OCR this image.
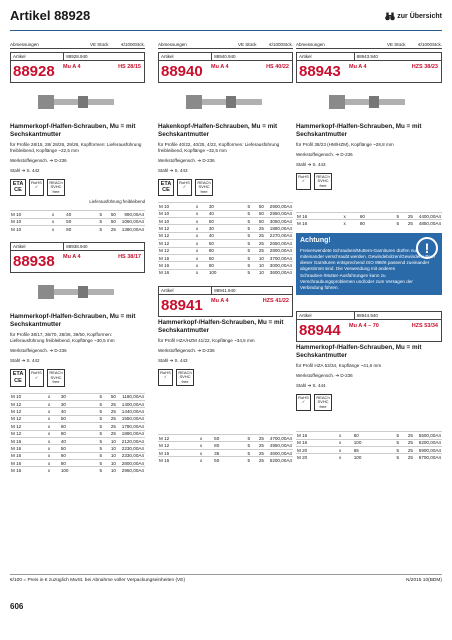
Artikel 88928	zur Übersicht
Abmessungen	VE Stück	€/1000Stck.
Artikel	88928.940
88928	Mu A 4	HS 28/15
Hammerkopf-/Halfen-Schrauben, Mu = mit Sechskantmutter
für Profile 28/15, 28/ 28/26, 29/26, Kopfformen: Lieferausführung freibleibend, Kopflänge ~22,5 mm
Werkstoffeigensch. ➔ D-236
Stahl ➔ S. 442
ETA CE
RoHS ✓
REACh SVHC free
Lieferausführung freibleibend
M 10	x	40	5	50	990,00A4
M 10	x	50	5	50	1060,00A4
M 10	x	80	5	25	1380,00A4
Artikel	88938.940
88938	Mu A 4	HS 38/17
Hammerkopf-/Halfen-Schrauben, Mu = mit Sechskantmutter
für Profile 38/17, 36/70, 38/36, 39/50, Kopfformen: Lieferausführung freibleibend, Kopflänge ~30,5 mm
Werkstoffeigensch. ➔ D-236
Stahl ➔ S. 442
ETA CE
RoHS ✓
REACh SVHC free
M 10	x	30	5	50	1180,00A4
M 12	x	30	5	25	1400,00A4
M 12	x	40	5	25	1440,00A4
M 12	x	50	5	25	1550,00A4
M 12	x	60	5	25	1780,00A4
M 12	x	80	5	25	1880,00A4
M 16	x	40	5	10	2120,00A4
M 16	x	50	5	10	2230,00A4
M 16	x	60	5	10	2330,00A4
M 16	x	80	5	10	2800,00A4
M 16	x	100	5	10	2950,00A4
Abmessungen	VE Stück	€/1000Stck.
Artikel	88940.940
88940	Mu A 4	HS 40/22
Hakenkopf-/Halfen-Schrauben, Mu = mit Sechskantmutter
für Profile 40/22, 40/25, 4/22, Kopfformen: Lieferausführung freibleibend, Kopflänge ~32,5 mm
Werkstoffeigensch. ➔ D-236
Stahl ➔ S. 443
ETA CE
RoHS ✓
REACh SVHC free
M 10	x	30	5	50	2900,00A4
M 10	x	40	5	50	2950,00A4
M 10	x	50	5	50	3050,00A4
M 12	x	30	5	25	1880,00A4
M 12	x	40	5	25	2270,00A4
M 12	x	50	5	25	2650,00A4
M 12	x	80	5	25	2800,00A4
M 16	x	50	5	10	3700,00A4
M 16	x	80	5	10	3000,00A4
M 16	x	100	5	10	3600,00A4
Artikel	88941.940
88941	Mu A 4	HZS 41/22
Hammerkopf-/Halfen-Schrauben, Mu = mit Sechskantmutter
für Profil HZA/HZM 41/22, Kopflänge ~34,5 mm
Werkstoffeigensch. ➔ D-236
Stahl ➔ S. 443
RoHS ✓
REACh SVHC free
M 12	x	50	5	25	4700,00A4
M 12	x	80	5	25	4950,00A4
M 16	x	35	5	25	4600,00A4
M 16	x	50	5	25	5200,00A4
Abmessungen	VE Stück	€/1000Stck.
Artikel	88943.940
88943	Mu A 4	HZS 38/23
Hammerkopf-/Halfen-Schrauben, Mu = mit Sechskantmutter
für Profil 38/23 (HM/HZM), Kopflänge ~28,8 mm
Werkstoffeigensch. ➔ D-236
Stahl ➔ S. 443
RoHS ✓
REACh SVHC free
M 16	x	60	5	25	4400,00A4
M 16	x	80	5	25	4850,00A4
!
Achtung!
Freiverwendete Schrauben/Muttern-Garnituren dürfen nur miteinander verschraubt werden. Gewindebolzen/Gewindemuttern dieser Garnituren entsprechend ISO 898/6 passend zueinander abgestimmt sind. Die Verwendung mit anderen Schrauben-/Mutter-Ausführungen kann zu Verschraubungsproblemen und/oder zum Versagen der Verbindung führen.
Artikel	88944.940
88944	Mu A 4 – 70	HZS 53/34
Hammerkopf-/Halfen-Schrauben, Mu = mit Sechskantmutter
für Profil HZA 53/34, Kopflänge ~41,6 mm
Werkstoffeigensch. ➔ D-236
Stahl ➔ S. 444
RoHS ✓
REACh SVHC free
M 16	x	60	5	25	5500,00A4
M 16	x	100	5	25	6200,00A4
M 20	x	65	5	25	5900,00A4
M 20	x	100	5	25	6700,00A4
€/100 = Preis in € zuzüglich MwSt. bei Abnahme voller Verpackungseinheiten (VE)	N/2015 10(BDM)
606
